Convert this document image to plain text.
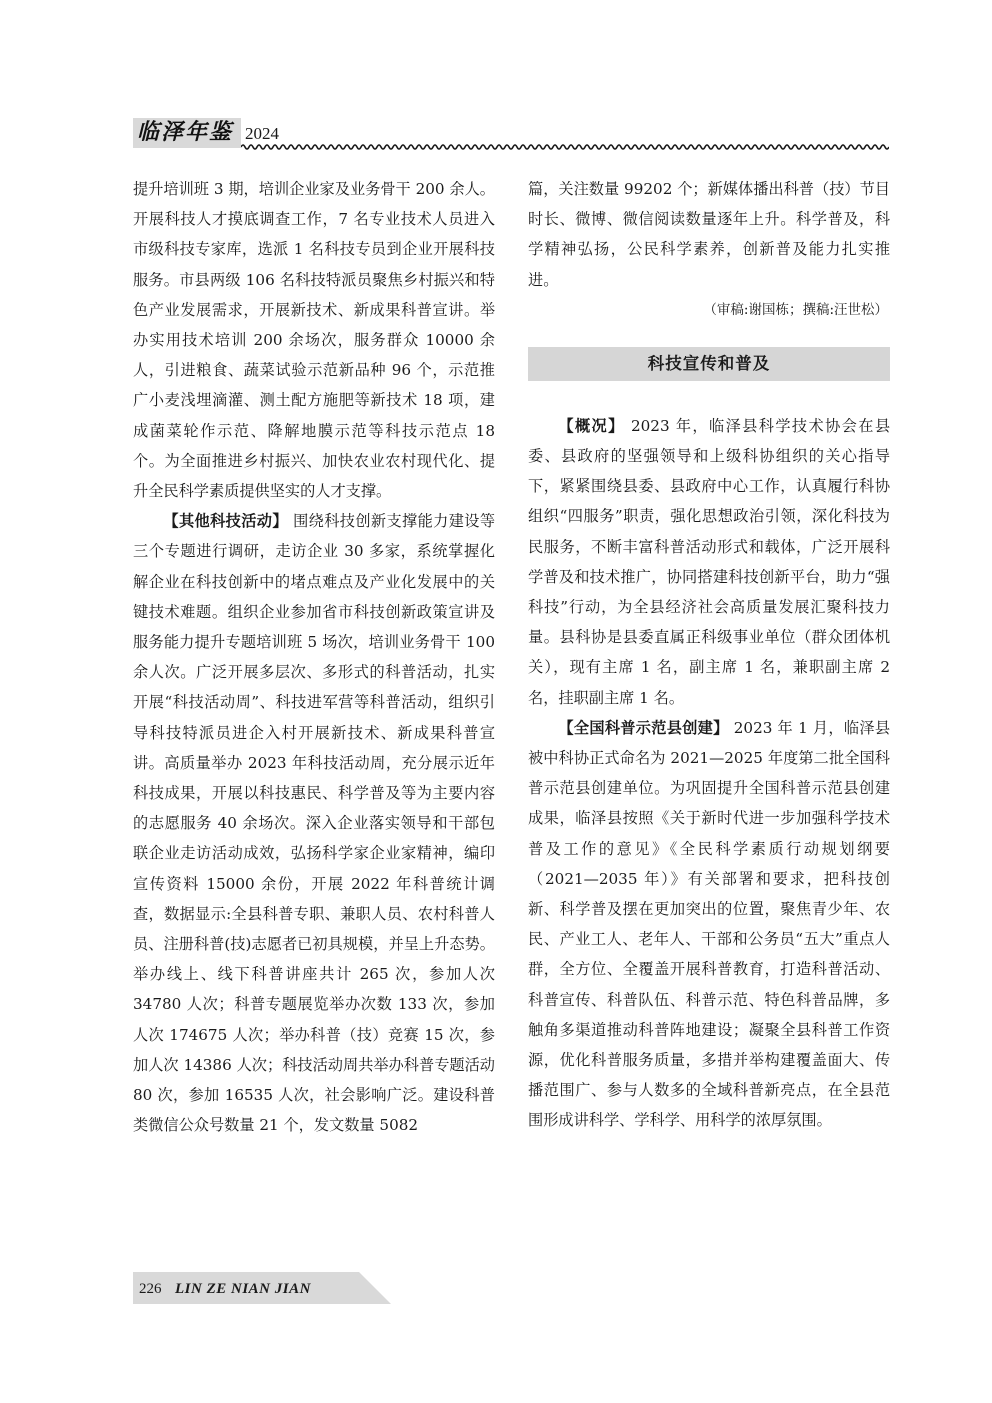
临泽年鉴 2024

提升培训班 3 期，培训企业家及业务骨干 200 余人。开展科技人才摸底调查工作，7 名专业技术人员进入市级科技专家库，选派 1 名科技专员到企业开展科技服务。市县两级 106 名科技特派员聚焦乡村振兴和特色产业发展需求，开展新技术、新成果科普宣讲。举办实用技术培训 200 余场次，服务群众 10000 余人，引进粮食、蔬菜试验示范新品种 96 个，示范推广小麦浅埋滴灌、测土配方施肥等新技术 18 项，建成菌菜轮作示范、降解地膜示范等科技示范点 18 个。为全面推进乡村振兴、加快农业农村现代化、提升全民科学素质提供坚实的人才支撑。

【其他科技活动】 围绕科技创新支撑能力建设等三个专题进行调研，走访企业 30 多家，系统掌握化解企业在科技创新中的堵点难点及产业化发展中的关键技术难题。组织企业参加省市科技创新政策宣讲及服务能力提升专题培训班 5 场次，培训业务骨干 100 余人次。广泛开展多层次、多形式的科普活动，扎实开展“科技活动周”、科技进军营等科普活动，组织引导科技特派员进企入村开展新技术、新成果科普宣讲。高质量举办 2023 年科技活动周，充分展示近年科技成果，开展以科技惠民、科学普及等为主要内容的志愿服务 40 余场次。深入企业落实领导和干部包联企业走访活动成效，弘扬科学家企业家精神，编印宣传资料 15000 余份，开展 2022 年科普统计调查，数据显示:全县科普专职、兼职人员、农村科普人员、注册科普(技)志愿者已初具规模，并呈上升态势。举办线上、线下科普讲座共计 265 次，参加人次 34780 人次；科普专题展览举办次数 133 次，参加人次 174675 人次；举办科普（技）竞赛 15 次，参加人次 14386 人次；科技活动周共举办科普专题活动 80 次，参加 16535 人次，社会影响广泛。建设科普类微信公众号数量 21 个，发文数量 5082

篇，关注数量 99202 个；新媒体播出科普（技）节目时长、微博、微信阅读数量逐年上升。科学普及，科学精神弘扬，公民科学素养，创新普及能力扎实推进。

（审稿:谢国栋；撰稿:汪世松）
科技宣传和普及

【概况】 2023 年，临泽县科学技术协会在县委、县政府的坚强领导和上级科协组织的关心指导下，紧紧围绕县委、县政府中心工作，认真履行科协组织“四服务”职责，强化思想政治引领，深化科技为民服务，不断丰富科普活动形式和载体，广泛开展科学普及和技术推广，协同搭建科技创新平台，助力“强科技”行动，为全县经济社会高质量发展汇聚科技力量。县科协是县委直属正科级事业单位（群众团体机关），现有主席 1 名，副主席 1 名，兼职副主席 2 名，挂职副主席 1 名。

【全国科普示范县创建】 2023 年 1 月，临泽县被中科协正式命名为 2021—2025 年度第二批全国科普示范县创建单位。为巩固提升全国科普示范县创建成果，临泽县按照《关于新时代进一步加强科学技术普及工作的意见》《全民科学素质行动规划纲要（2021—2035 年）》有关部署和要求，把科技创新、科学普及摆在更加突出的位置，聚焦青少年、农民、产业工人、老年人、干部和公务员“五大”重点人群，全方位、全覆盖开展科普教育，打造科普活动、科普宣传、科普队伍、科普示范、特色科普品牌，多触角多渠道推动科普阵地建设；凝聚全县科普工作资源，优化科普服务质量，多措并举构建覆盖面大、传播范围广、参与人数多的全域科普新亮点，在全县范围形成讲科学、学科学、用科学的浓厚氛围。

226 LIN ZE NIAN JIAN
